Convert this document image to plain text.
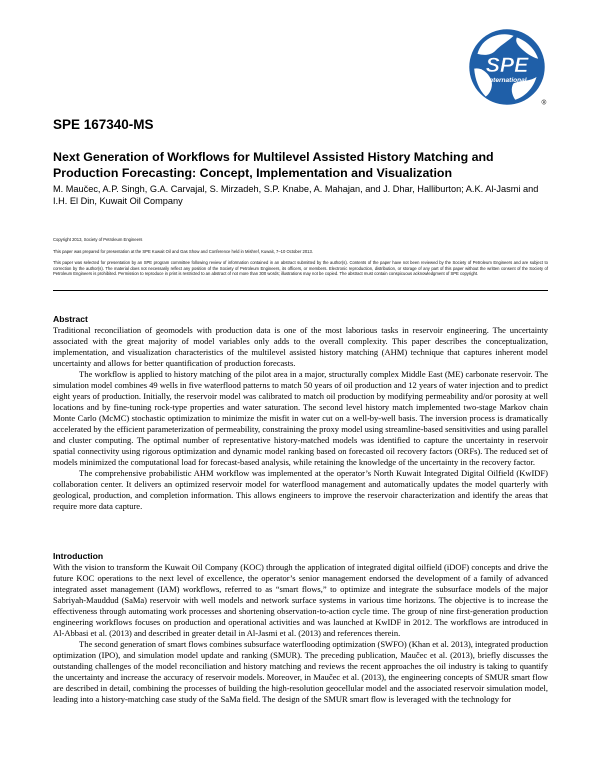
SPE
International
®
SPE 167340-MS
Next Generation of Workflows for Multilevel Assisted History Matching and Production Forecasting: Concept, Implementation and Visualization
M. Maučec, A.P. Singh, G.A. Carvajal, S. Mirzadeh, S.P. Knabe, A. Mahajan, and J. Dhar, Halliburton; A.K. Al-Jasmi and I.H. El Din, Kuwait Oil Company
Copyright 2013, Society of Petroleum Engineers
This paper was prepared for presentation at the SPE Kuwait Oil and Gas Show and Conference held in Mishref, Kuwait, 7–10 October 2013.
This paper was selected for presentation by an SPE program committee following review of information contained in an abstract submitted by the author(s). Contents of the paper have not been reviewed by the Society of Petroleum Engineers and are subject to correction by the author(s). The material does not necessarily reflect any position of the Society of Petroleum Engineers, its officers, or members. Electronic reproduction, distribution, or storage of any part of this paper without the written consent of the Society of Petroleum Engineers is prohibited. Permission to reproduce in print is restricted to an abstract of not more than 300 words; illustrations may not be copied. The abstract must contain conspicuous acknowledgment of SPE copyright.
Abstract

Traditional reconciliation of geomodels with production data is one of the most laborious tasks in reservoir engineering. The uncertainty associated with the great majority of model variables only adds to the overall complexity. This paper describes the conceptualization, implementation, and visualization characteristics of the multilevel assisted history matching (AHM) technique that captures inherent model uncertainty and allows for better quantification of production forecasts.

The workflow is applied to history matching of the pilot area in a major, structurally complex Middle East (ME) carbonate reservoir. The simulation model combines 49 wells in five waterflood patterns to match 50 years of oil production and 12 years of water injection and to predict eight years of production. Initially, the reservoir model was calibrated to match oil production by modifying permeability and/or porosity at well locations and by fine-tuning rock-type properties and water saturation. The second level history match implemented two-stage Markov chain Monte Carlo (McMC) stochastic optimization to minimize the misfit in water cut on a well-by-well basis. The inversion process is dramatically accelerated by the efficient parameterization of permeability, constraining the proxy model using streamline-based sensitivities and using parallel and cluster computing. The optimal number of representative history-matched models was identified to capture the uncertainty in reservoir spatial connectivity using rigorous optimization and dynamic model ranking based on forecasted oil recovery factors (ORFs). The reduced set of models minimized the computational load for forecast-based analysis, while retaining the knowledge of the uncertainty in the recovery factor.

The comprehensive probabilistic AHM workflow was implemented at the operator’s North Kuwait Integrated Digital Oilfield (KwIDF) collaboration center. It delivers an optimized reservoir model for waterflood management and automatically updates the model quarterly with geological, production, and completion information. This allows engineers to improve the reservoir characterization and identify the areas that require more data capture.

Introduction

With the vision to transform the Kuwait Oil Company (KOC) through the application of integrated digital oilfield (iDOF) concepts and drive the future KOC operations to the next level of excellence, the operator’s senior management endorsed the development of a family of advanced integrated asset management (IAM) workflows, referred to as “smart flows,” to optimize and integrate the subsurface models of the major Sabriyah-Mauddud (SaMa) reservoir with well models and network surface systems in various time horizons. The objective is to increase the effectiveness through automating work processes and shortening observation-to-action cycle time. The group of nine first-generation production engineering workflows focuses on production and operational activities and was launched at KwIDF in 2012. The workflows are introduced in Al-Abbasi et al. (2013) and described in greater detail in Al-Jasmi et al. (2013) and references therein.

The second generation of smart flows combines subsurface waterflooding optimization (SWFO) (Khan et al. 2013), integrated production optimization (IPO), and simulation model update and ranking (SMUR). The preceding publication, Maučec et al. (2013), briefly discusses the outstanding challenges of the model reconciliation and history matching and reviews the recent approaches the oil industry is taking to quantify the uncertainty and increase the accuracy of reservoir models. Moreover, in Maučec et al. (2013), the engineering concepts of SMUR smart flow are described in detail, combining the processes of building the high-resolution geocellular model and the associated reservoir simulation model, leading into a history-matching case study of the SaMa field. The design of the SMUR smart flow is leveraged with the technology for
